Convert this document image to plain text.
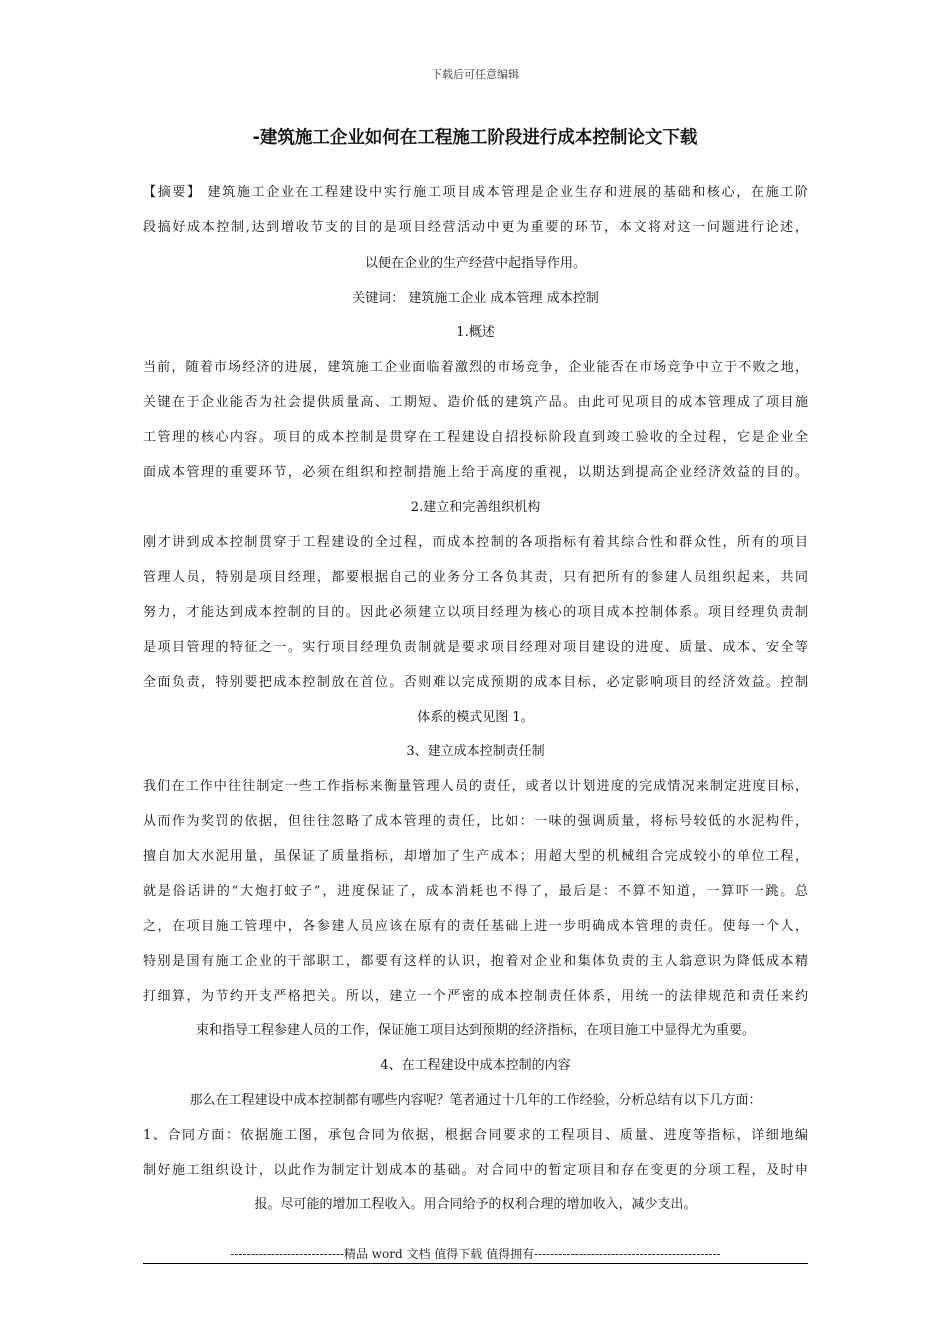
下载后可任意编辑
-建筑施工企业如何在工程施工阶段进行成本控制论文下载
【摘要】 建筑施工企业在工程建设中实行施工项目成本管理是企业生存和进展的基础和核心，在施工阶
段搞好成本控制,达到增收节支的目的是项目经营活动中更为重要的环节，本文将对这一问题进行论述，
以便在企业的生产经营中起指导作用。
关键词： 建筑施工企业 成本管理 成本控制
1.概述
当前，随着市场经济的进展，建筑施工企业面临着激烈的市场竞争，企业能否在市场竞争中立于不败之地，
关键在于企业能否为社会提供质量高、工期短、造价低的建筑产品。由此可见项目的成本管理成了项目施
工管理的核心内容。项目的成本控制是贯穿在工程建设自招投标阶段直到竣工验收的全过程，它是企业全
面成本管理的重要环节，必须在组织和控制措施上给于高度的重视，以期达到提高企业经济效益的目的。
2.建立和完善组织机构
刚才讲到成本控制贯穿于工程建设的全过程，而成本控制的各项指标有着其综合性和群众性，所有的项目
管理人员，特别是项目经理，都要根据自己的业务分工各负其责，只有把所有的参建人员组织起来，共同
努力，才能达到成本控制的目的。因此必须建立以项目经理为核心的项目成本控制体系。项目经理负责制
是项目管理的特征之一。实行项目经理负责制就是要求项目经理对项目建设的进度、质量、成本、安全等
全面负责，特别要把成本控制放在首位。否则难以完成预期的成本目标，必定影响项目的经济效益。控制
体系的模式见图 1。
3、建立成本控制责任制
我们在工作中往往制定一些工作指标来衡量管理人员的责任，或者以计划进度的完成情况来制定进度目标，
从而作为奖罚的依据，但往往忽略了成本管理的责任，比如：一味的强调质量，将标号较低的水泥构件，
擅自加大水泥用量，虽保证了质量指标，却增加了生产成本；用超大型的机械组合完成较小的单位工程，
就是俗话讲的“大炮打蚊子”，进度保证了，成本消耗也不得了，最后是：不算不知道，一算吓一跳。总
之，在项目施工管理中，各参建人员应该在原有的责任基础上进一步明确成本管理的责任。使每一个人，
特别是国有施工企业的干部职工，都要有这样的认识，抱着对企业和集体负责的主人翁意识为降低成本精
打细算，为节约开支严格把关。所以，建立一个严密的成本控制责任体系，用统一的法律规范和责任来约
束和指导工程参建人员的工作，保证施工项目达到预期的经济指标，在项目施工中显得尤为重要。
4、在工程建设中成本控制的内容
那么在工程建设中成本控制都有哪些内容呢？笔者通过十几年的工作经验，分析总结有以下几方面：
1、合同方面：依据施工图，承包合同为依据，根据合同要求的工程项目、质量、进度等指标，详细地编
制好施工组织设计，以此作为制定计划成本的基础。对合同中的暂定项目和存在变更的分项工程，及时申
报。尽可能的增加工程收入。用合同给予的权利合理的增加收入，减少支出。
----------------------------精品 word 文档 值得下载 值得拥有----------------------------------------------
